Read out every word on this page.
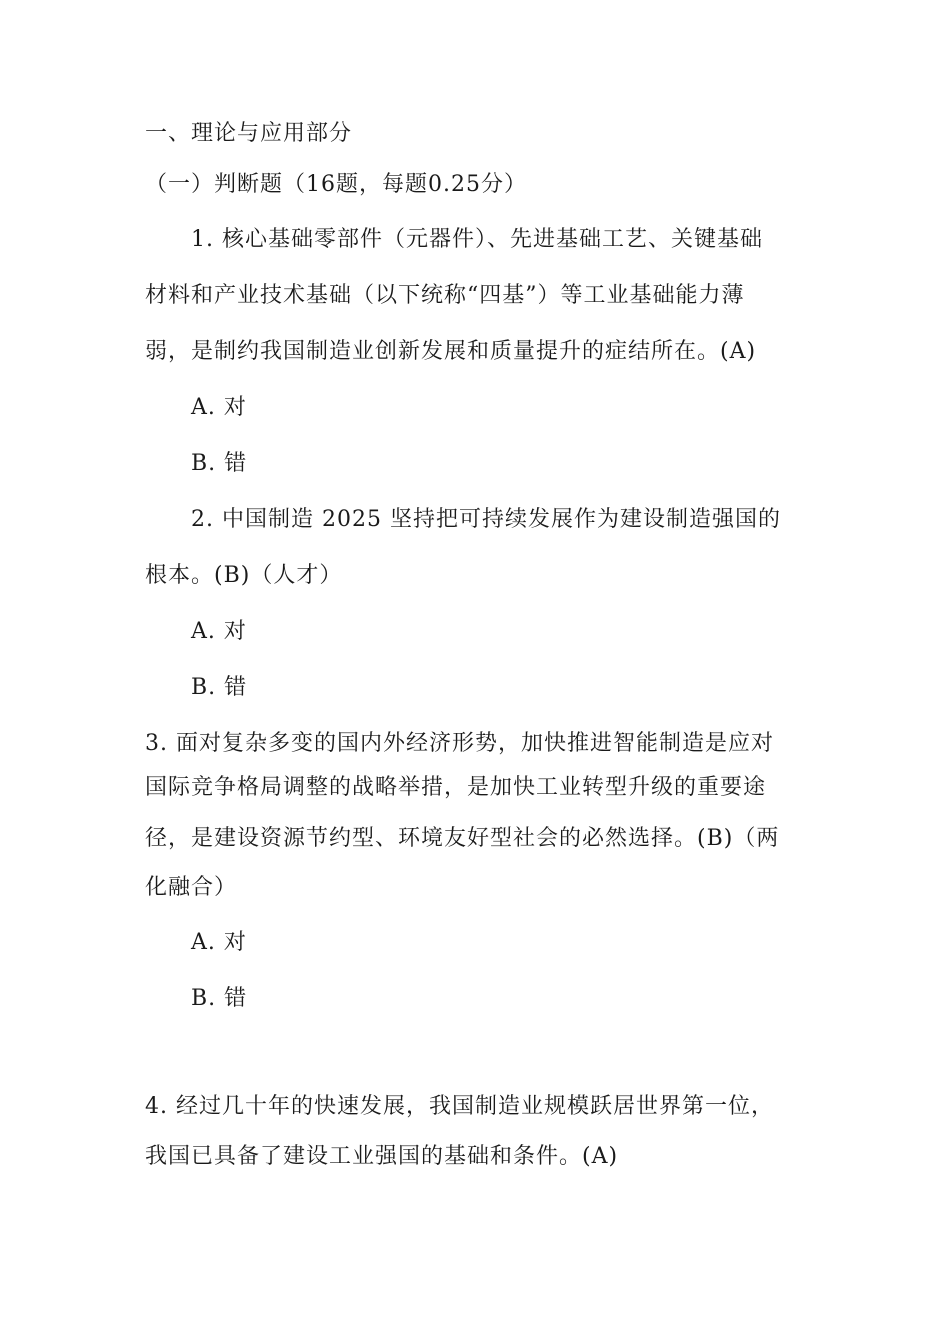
一、理论与应用部分
（一）判断题（16题，每题0.25分）
1. 核心基础零部件（元器件）、先进基础工艺、关键基础
材料和产业技术基础（以下统称“四基”）等工业基础能力薄
弱，是制约我国制造业创新发展和质量提升的症结所在。(A)
A. 对
B. 错
2. 中国制造 2025 坚持把可持续发展作为建设制造强国的
根本。(B)（人才）
A. 对
B. 错
3. 面对复杂多变的国内外经济形势，加快推进智能制造是应对
国际竞争格局调整的战略举措，是加快工业转型升级的重要途
径，是建设资源节约型、环境友好型社会的必然选择。(B)（两
化融合）
A. 对
B. 错
4. 经过几十年的快速发展，我国制造业规模跃居世界第一位，
我国已具备了建设工业强国的基础和条件。(A)
